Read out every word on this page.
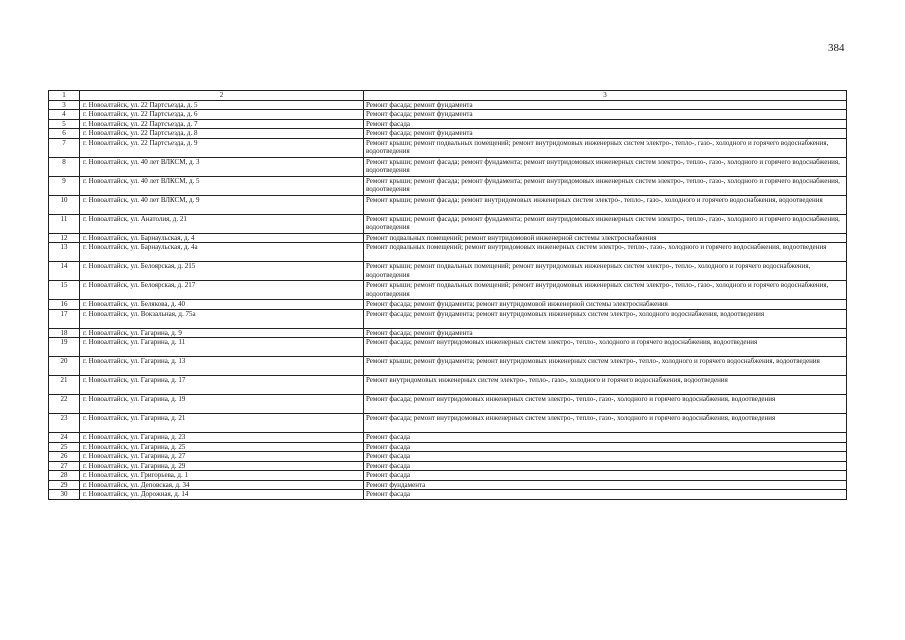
384
1	2	3
3	г. Новоалтайск, ул. 22 Партсъезда, д. 5	Ремонт фасада; ремонт фундамента
4	г. Новоалтайск, ул. 22 Партсъезда, д. 6	Ремонт фасада; ремонт фундамента
5	г. Новоалтайск, ул. 22 Партсъезда, д. 7	Ремонт фасада
6	г. Новоалтайск, ул. 22 Партсъезда, д. 8	Ремонт фасада; ремонт фундамента
7	г. Новоалтайск, ул. 22 Партсъезда, д. 9	Ремонт крыши; ремонт подвальных помещений; ремонт внутридомовых инженерных систем электро-, тепло-, газо-, холодного и горячего водоснабжения, водоотведения
8	г. Новоалтайск, ул. 40 лет ВЛКСМ, д. 3	Ремонт крыши; ремонт фасада; ремонт фундамента; ремонт внутридомовых инженерных систем электро-, тепло-, газо-, холодного и горячего водоснабжения, водоотведения
9	г. Новоалтайск, ул. 40 лет ВЛКСМ, д. 5	Ремонт крыши; ремонт фасада; ремонт фундамента; ремонт внутридомовых инженерных систем электро-, тепло-, газо-, холодного и горячего водоснабжения, водоотведения
10	г. Новоалтайск, ул. 40 лет ВЛКСМ, д. 9	Ремонт крыши; ремонт фасада; ремонт внутридомовых инженерных систем электро-, тепло-, газо-, холодного и горячего водоснабжения, водоотведения
11	г. Новоалтайск, ул. Анатолия, д. 21	Ремонт крыши; ремонт фасада; ремонт фундамента; ремонт внутридомовых инженерных систем электро-, тепло-, газо-, холодного и горячего водоснабжения, водоотведения
12	г. Новоалтайск, ул. Барнаульская, д. 4	Ремонт подвальных помещений; ремонт внутридомовой инженерной системы электроснабжения
13	г. Новоалтайск, ул. Барнаульская, д. 4а	Ремонт подвальных помещений; ремонт внутридомовых инженерных систем электро-, тепло-, газо-, холодного и горячего водоснабжения, водоотведения
14	г. Новоалтайск, ул. Белоярская, д. 215	Ремонт крыши; ремонт подвальных помещений; ремонт внутридомовых инженерных систем электро-, тепло-, холодного и горячего водоснабжения, водоотведения
15	г. Новоалтайск, ул. Белоярская, д. 217	Ремонт крыши; ремонт подвальных помещений; ремонт внутридомовых инженерных систем электро-, тепло-, газо-, холодного и горячего водоснабжения, водоотведения
16	г. Новоалтайск, ул. Белякова, д. 40	Ремонт фасада; ремонт фундамента; ремонт внутридомовой инженерной системы электроснабжения
17	г. Новоалтайск, ул. Вокзальная, д. 75а	Ремонт фасада; ремонт фундамента; ремонт внутридомовых инженерных систем электро-, холодного водоснабжения, водоотведения
18	г. Новоалтайск, ул. Гагарина, д. 9	Ремонт фасада; ремонт фундамента
19	г. Новоалтайск, ул. Гагарина, д. 11	Ремонт фасада; ремонт внутридомовых инженерных систем электро-, тепло-, холодного и горячего водоснабжения, водоотведения
20	г. Новоалтайск, ул. Гагарина, д. 13	Ремонт крыши; ремонт фундамента; ремонт внутридомовых инженерных систем электро-, тепло-, холодного и горячего водоснабжения, водоотведения
21	г. Новоалтайск, ул. Гагарина, д. 17	Ремонт внутридомовых инженерных систем электро-, тепло-, газо-, холодного и горячего водоснабжения, водоотведения
22	г. Новоалтайск, ул. Гагарина, д. 19	Ремонт фасада; ремонт внутридомовых инженерных систем электро-, тепло-, газо-, холодного и горячего водоснабжения, водоотведения
23	г. Новоалтайск, ул. Гагарина, д. 21	Ремонт фасада; ремонт внутридомовых инженерных систем электро-, тепло-, газо-, холодного и горячего водоснабжения, водоотведения
24	г. Новоалтайск, ул. Гагарина, д. 23	Ремонт фасада
25	г. Новоалтайск, ул. Гагарина, д. 25	Ремонт фасада
26	г. Новоалтайск, ул. Гагарина, д. 27	Ремонт фасада
27	г. Новоалтайск, ул. Гагарина, д. 29	Ремонт фасада
28	г. Новоалтайск, ул. Григорьева, д. 1	Ремонт фасада
29	г. Новоалтайск, ул. Деповская, д. 34	Ремонт фундамента
30	г. Новоалтайск, ул. Дорожная, д. 14	Ремонт фасада
